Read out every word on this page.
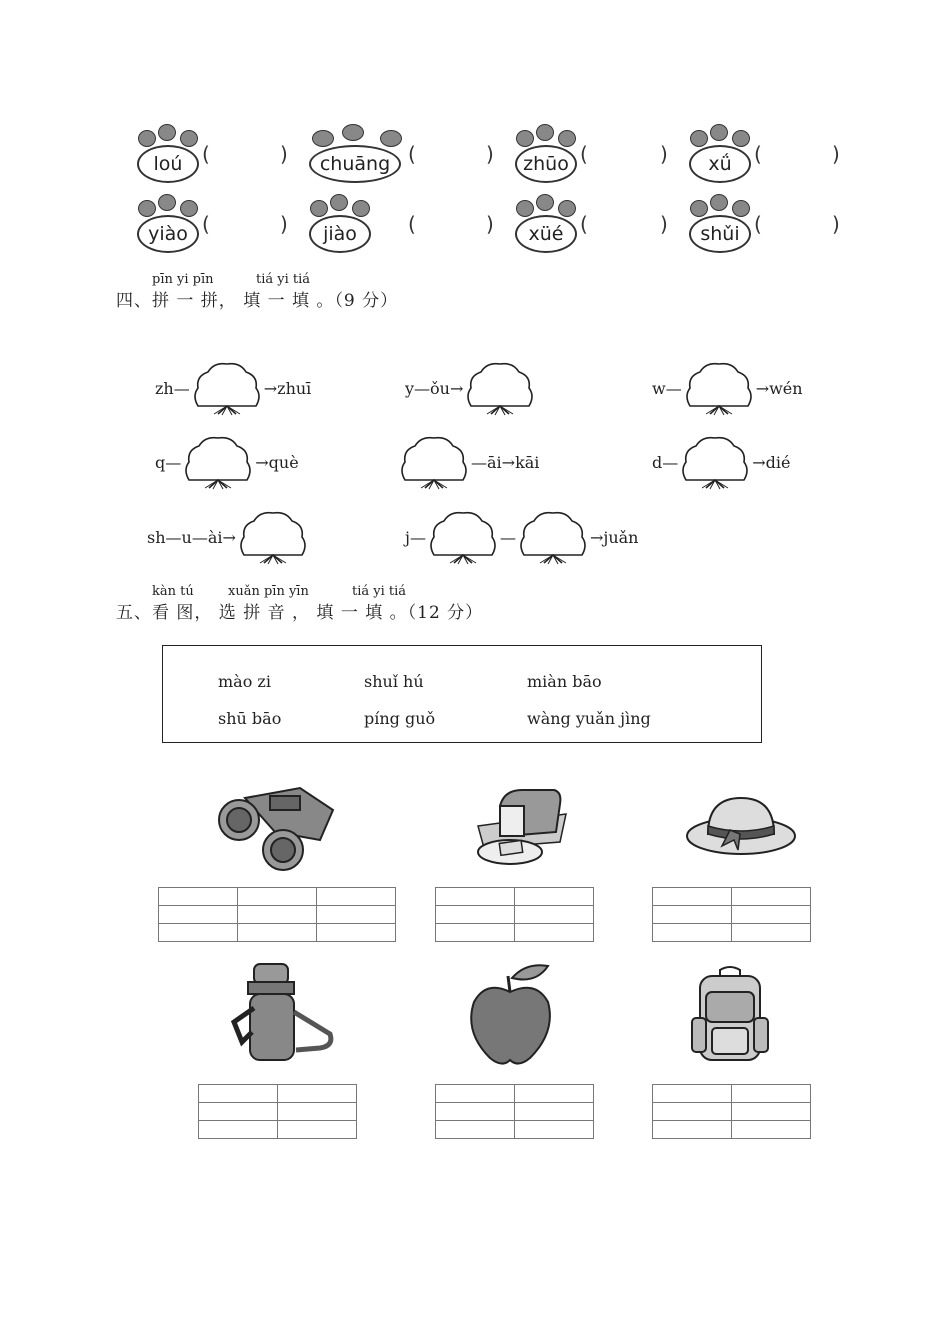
loú (	)	chuāng (	)	zhūo (	)	xǘ	(	)
yiào (	)	jiào	(	)	xüé (	)	shǔi (	)
pīn yi pīn	tiá yi tiá
四、拼 一 拼， 填 一 填 。（9 分）
zh—	→zhuī	y—ǒu→	w—	→wén
q—	→què	—āi→kāi	d—	→dié
sh—u—ài→	j—	—	→juǎn
kàn tú	xuǎn pīn yīn	tiá yi tiá
五、看 图， 选 拼 音 ， 填 一 填 。（12 分）
mào zi	shuǐ hú	miàn bāo
shū bāo	píng guǒ	wàng yuǎn jìng
